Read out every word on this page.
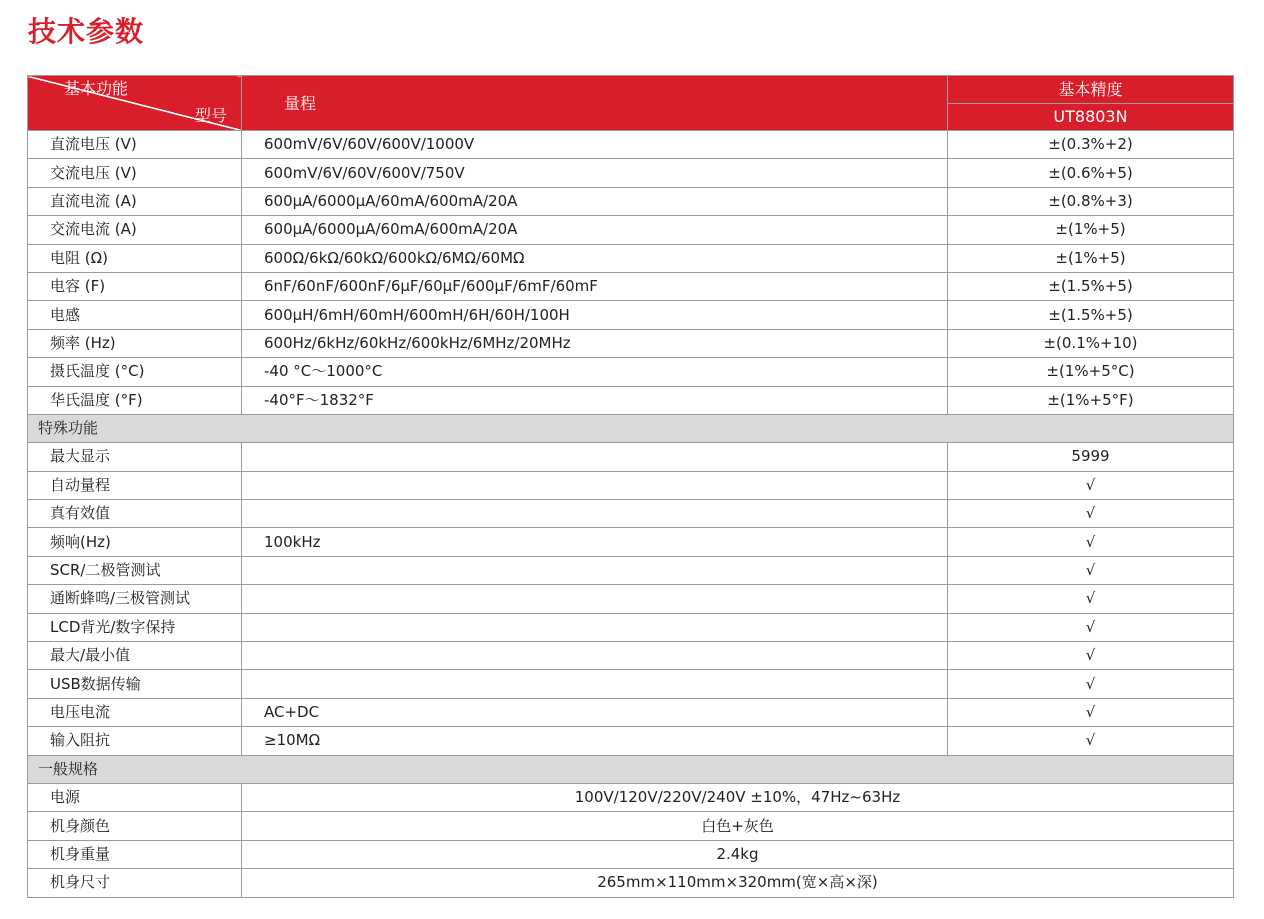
技术参数
基本功能
型号	量程	基本精度
		UT8803N
直流电压 (V)	600mV/6V/60V/600V/1000V	±(0.3%+2)
交流电压 (V)	600mV/6V/60V/600V/750V	±(0.6%+5)
直流电流 (A)	600μA/6000μA/60mA/600mA/20A	±(0.8%+3)
交流电流 (A)	600μA/6000μA/60mA/600mA/20A	±(1%+5)
电阻 (Ω)	600Ω/6kΩ/60kΩ/600kΩ/6MΩ/60MΩ	±(1%+5)
电容 (F)	6nF/60nF/600nF/6μF/60μF/600μF/6mF/60mF	±(1.5%+5)
电感	600μH/6mH/60mH/600mH/6H/60H/100H	±(1.5%+5)
频率 (Hz)	600Hz/6kHz/60kHz/600kHz/6MHz/20MHz	±(0.1%+10)
摄氏温度 (°C)	-40 °C～1000°C	±(1%+5°C)
华氏温度 (°F)	-40°F～1832°F	±(1%+5°F)
特殊功能		
最大显示		5999
自动量程		√
真有效值		√
频响(Hz)	100kHz	√
SCR/二极管测试		√
通断蜂鸣/三极管测试		√
LCD背光/数字保持		√
最大/最小值		√
USB数据传输		√
电压电流	AC+DC	√
输入阻抗	≥10MΩ	√
一般规格		
电源	100V/120V/220V/240V ±10%，47Hz~63Hz	
机身颜色	白色+灰色	
机身重量	2.4kg	
机身尺寸	265mm×110mm×320mm(宽×高×深)	
